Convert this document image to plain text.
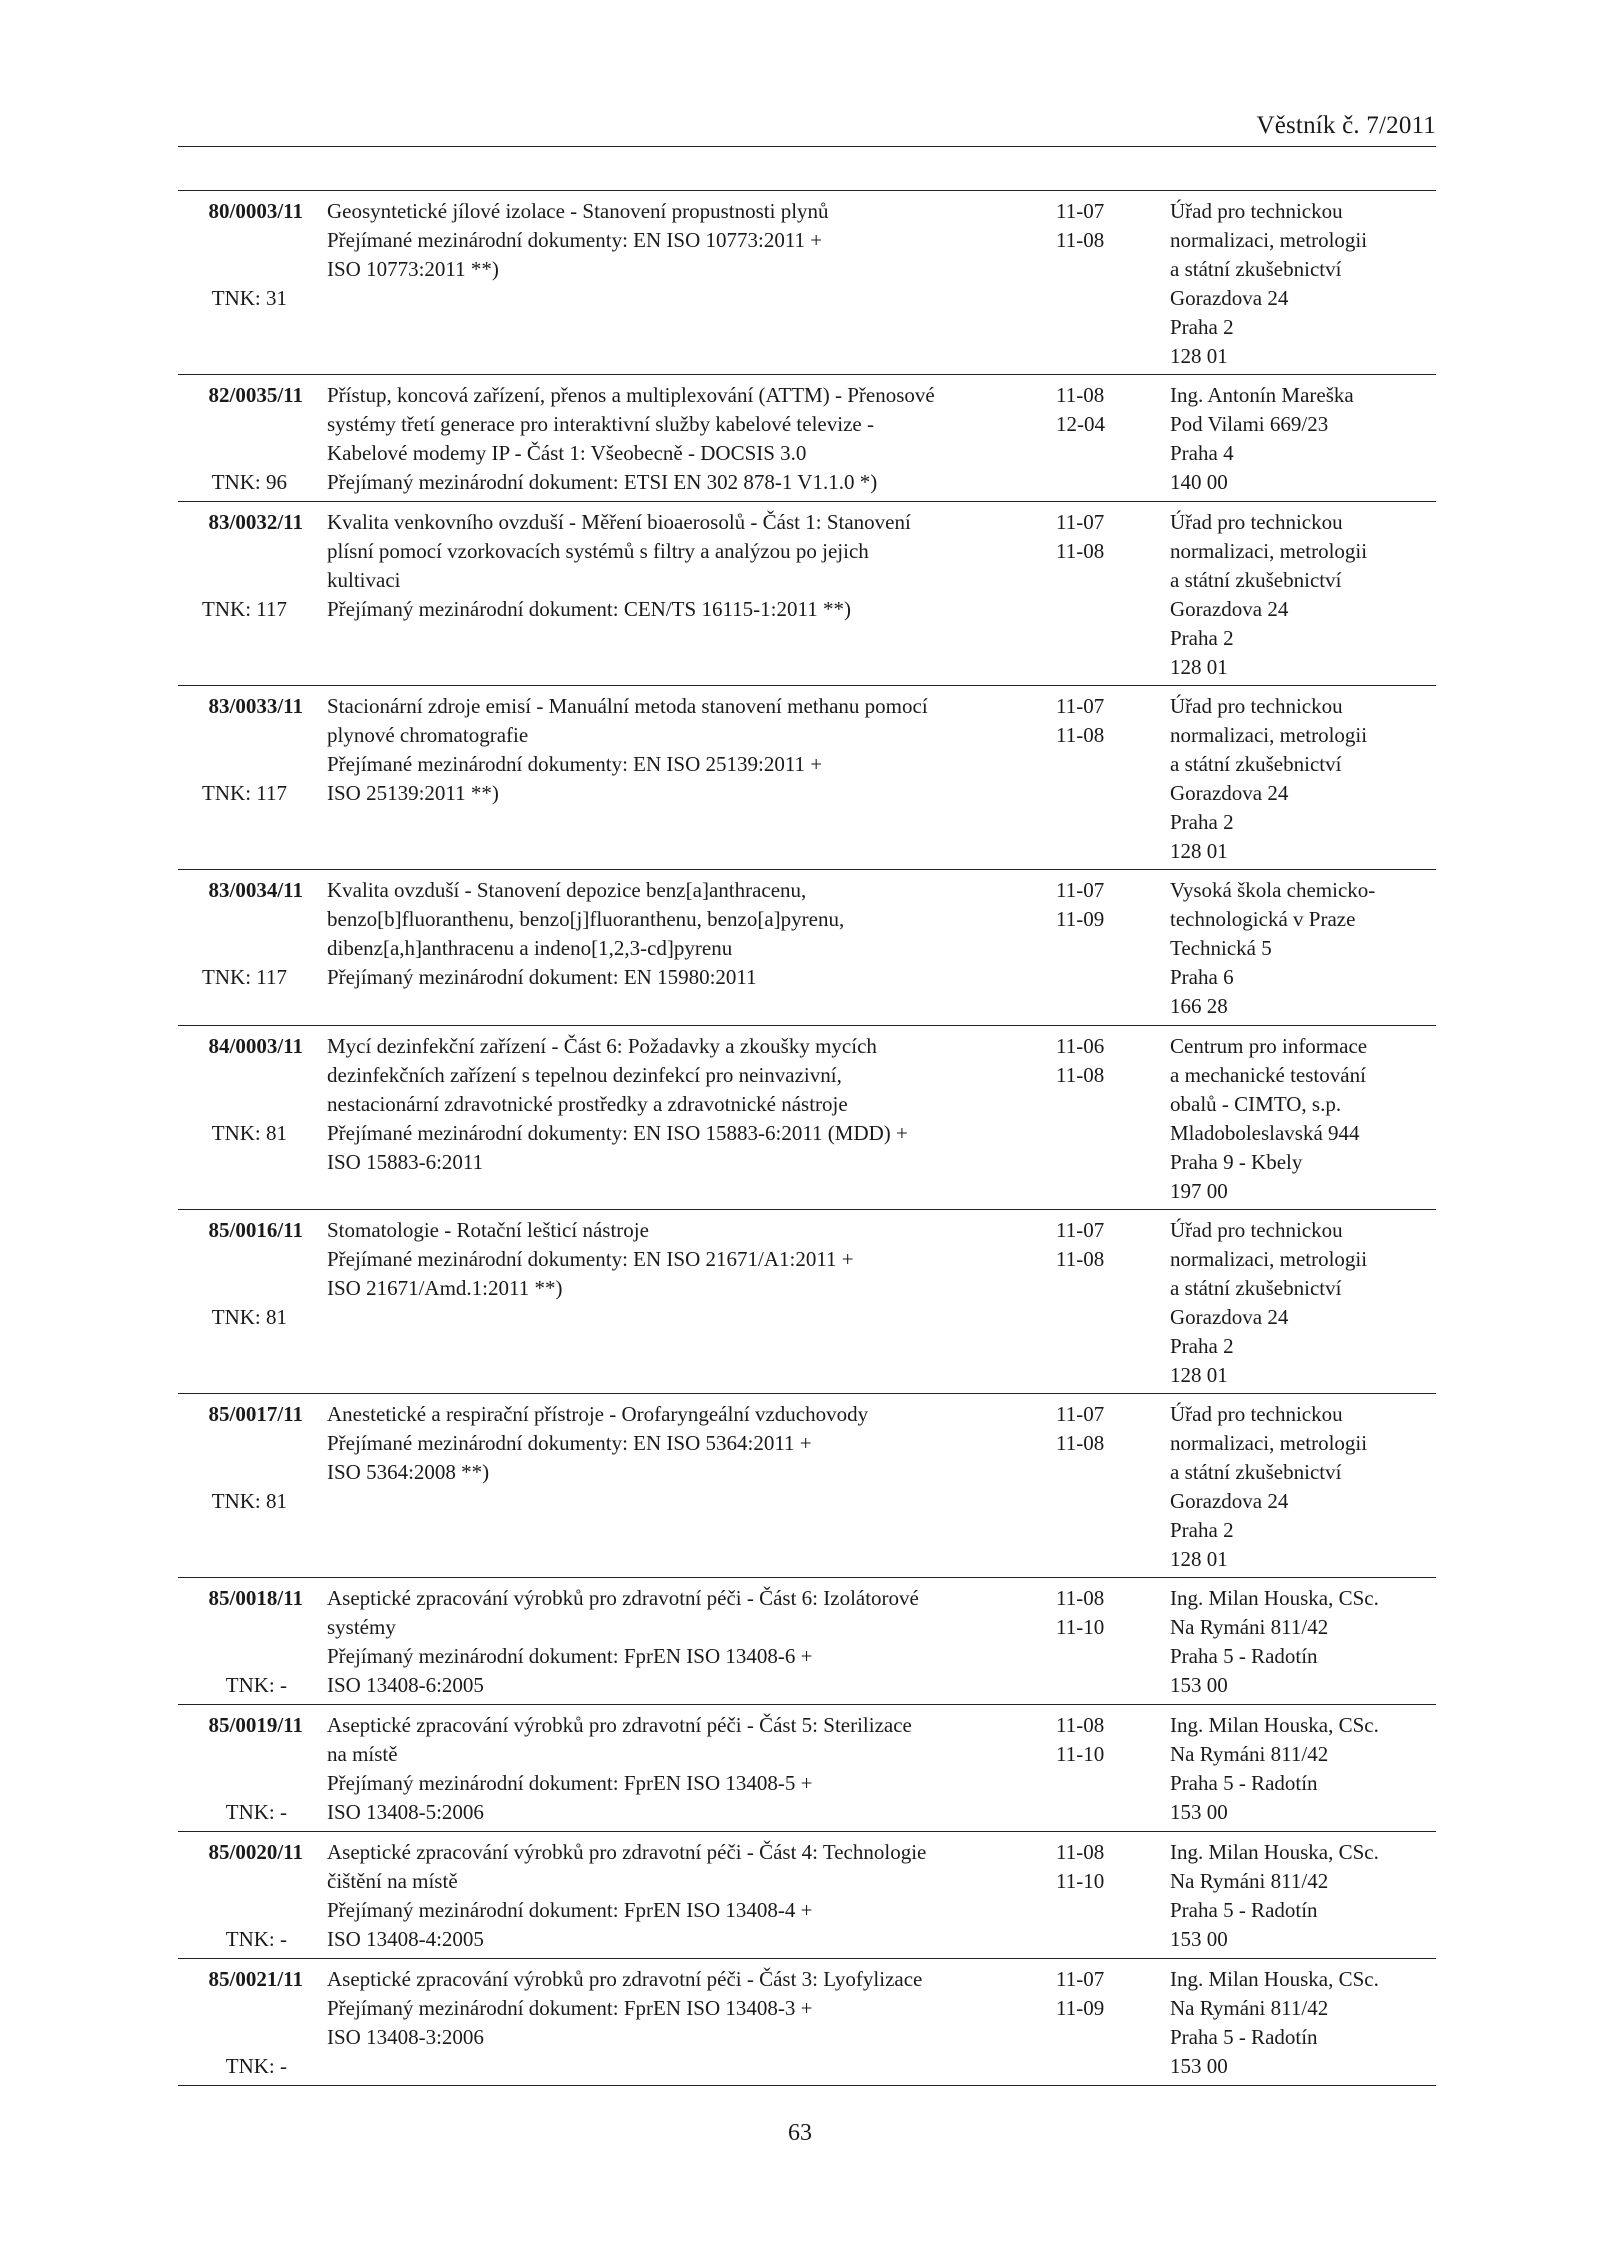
Věstník č. 7/2011
80/0003/11
TNK: 31
Geosyntetické jílové izolace - Stanovení propustnosti plynů
Přejímané mezinárodní dokumenty: EN ISO 10773:2011 +
ISO 10773:2011 **)
11-07
11-08
Úřad pro technickou
normalizaci, metrologii
a státní zkušebnictví
Gorazdova 24
Praha 2
128 01
82/0035/11
TNK: 96
Přístup, koncová zařízení, přenos a multiplexování (ATTM) - Přenosové
systémy třetí generace pro interaktivní služby kabelové televize -
Kabelové modemy IP - Část 1: Všeobecně - DOCSIS 3.0
Přejímaný mezinárodní dokument: ETSI EN 302 878-1 V1.1.0 *)
11-08
12-04
Ing. Antonín Mareška
Pod Vilami 669/23
Praha 4
140 00
83/0032/11
TNK: 117
Kvalita venkovního ovzduší - Měření bioaerosolů - Část 1: Stanovení
plísní pomocí vzorkovacích systémů s filtry a analýzou po jejich
kultivaci
Přejímaný mezinárodní dokument: CEN/TS 16115-1:2011 **)
11-07
11-08
Úřad pro technickou
normalizaci, metrologii
a státní zkušebnictví
Gorazdova 24
Praha 2
128 01
83/0033/11
TNK: 117
Stacionární zdroje emisí - Manuální metoda stanovení methanu pomocí
plynové chromatografie
Přejímané mezinárodní dokumenty: EN ISO 25139:2011 +
ISO 25139:2011 **)
11-07
11-08
Úřad pro technickou
normalizaci, metrologii
a státní zkušebnictví
Gorazdova 24
Praha 2
128 01
83/0034/11
TNK: 117
Kvalita ovzduší - Stanovení depozice benz[a]anthracenu,
benzo[b]fluoranthenu, benzo[j]fluoranthenu, benzo[a]pyrenu,
dibenz[a,h]anthracenu a indeno[1,2,3-cd]pyrenu
Přejímaný mezinárodní dokument: EN 15980:2011
11-07
11-09
Vysoká škola chemicko-
technologická v Praze
Technická 5
Praha 6
166 28
84/0003/11
TNK: 81
Mycí dezinfekční zařízení - Část 6: Požadavky a zkoušky mycích
dezinfekčních zařízení s tepelnou dezinfekcí pro neinvazivní,
nestacionární zdravotnické prostředky a zdravotnické nástroje
Přejímané mezinárodní dokumenty: EN ISO 15883-6:2011 (MDD) +
ISO 15883-6:2011
11-06
11-08
Centrum pro informace
a mechanické testování
obalů - CIMTO, s.p.
Mladoboleslavská 944
Praha 9 - Kbely
197 00
85/0016/11
TNK: 81
Stomatologie - Rotační lešticí nástroje
Přejímané mezinárodní dokumenty: EN ISO 21671/A1:2011 +
ISO 21671/Amd.1:2011 **)
11-07
11-08
Úřad pro technickou
normalizaci, metrologii
a státní zkušebnictví
Gorazdova 24
Praha 2
128 01
85/0017/11
TNK: 81
Anestetické a respirační přístroje - Orofaryngeální vzduchovody
Přejímané mezinárodní dokumenty: EN ISO 5364:2011 +
ISO 5364:2008 **)
11-07
11-08
Úřad pro technickou
normalizaci, metrologii
a státní zkušebnictví
Gorazdova 24
Praha 2
128 01
85/0018/11
TNK: -
Aseptické zpracování výrobků pro zdravotní péči - Část 6: Izolátorové
systémy
Přejímaný mezinárodní dokument: FprEN ISO 13408-6 +
ISO 13408-6:2005
11-08
11-10
Ing. Milan Houska, CSc.
Na Rymáni 811/42
Praha 5 - Radotín
153 00
85/0019/11
TNK: -
Aseptické zpracování výrobků pro zdravotní péči - Část 5: Sterilizace
na místě
Přejímaný mezinárodní dokument: FprEN ISO 13408-5 +
ISO 13408-5:2006
11-08
11-10
Ing. Milan Houska, CSc.
Na Rymáni 811/42
Praha 5 - Radotín
153 00
85/0020/11
TNK: -
Aseptické zpracování výrobků pro zdravotní péči - Část 4: Technologie
čištění na místě
Přejímaný mezinárodní dokument: FprEN ISO 13408-4 +
ISO 13408-4:2005
11-08
11-10
Ing. Milan Houska, CSc.
Na Rymáni 811/42
Praha 5 - Radotín
153 00
85/0021/11
TNK: -
Aseptické zpracování výrobků pro zdravotní péči - Část 3: Lyofylizace
Přejímaný mezinárodní dokument: FprEN ISO 13408-3 +
ISO 13408-3:2006
11-07
11-09
Ing. Milan Houska, CSc.
Na Rymáni 811/42
Praha 5 - Radotín
153 00
63
